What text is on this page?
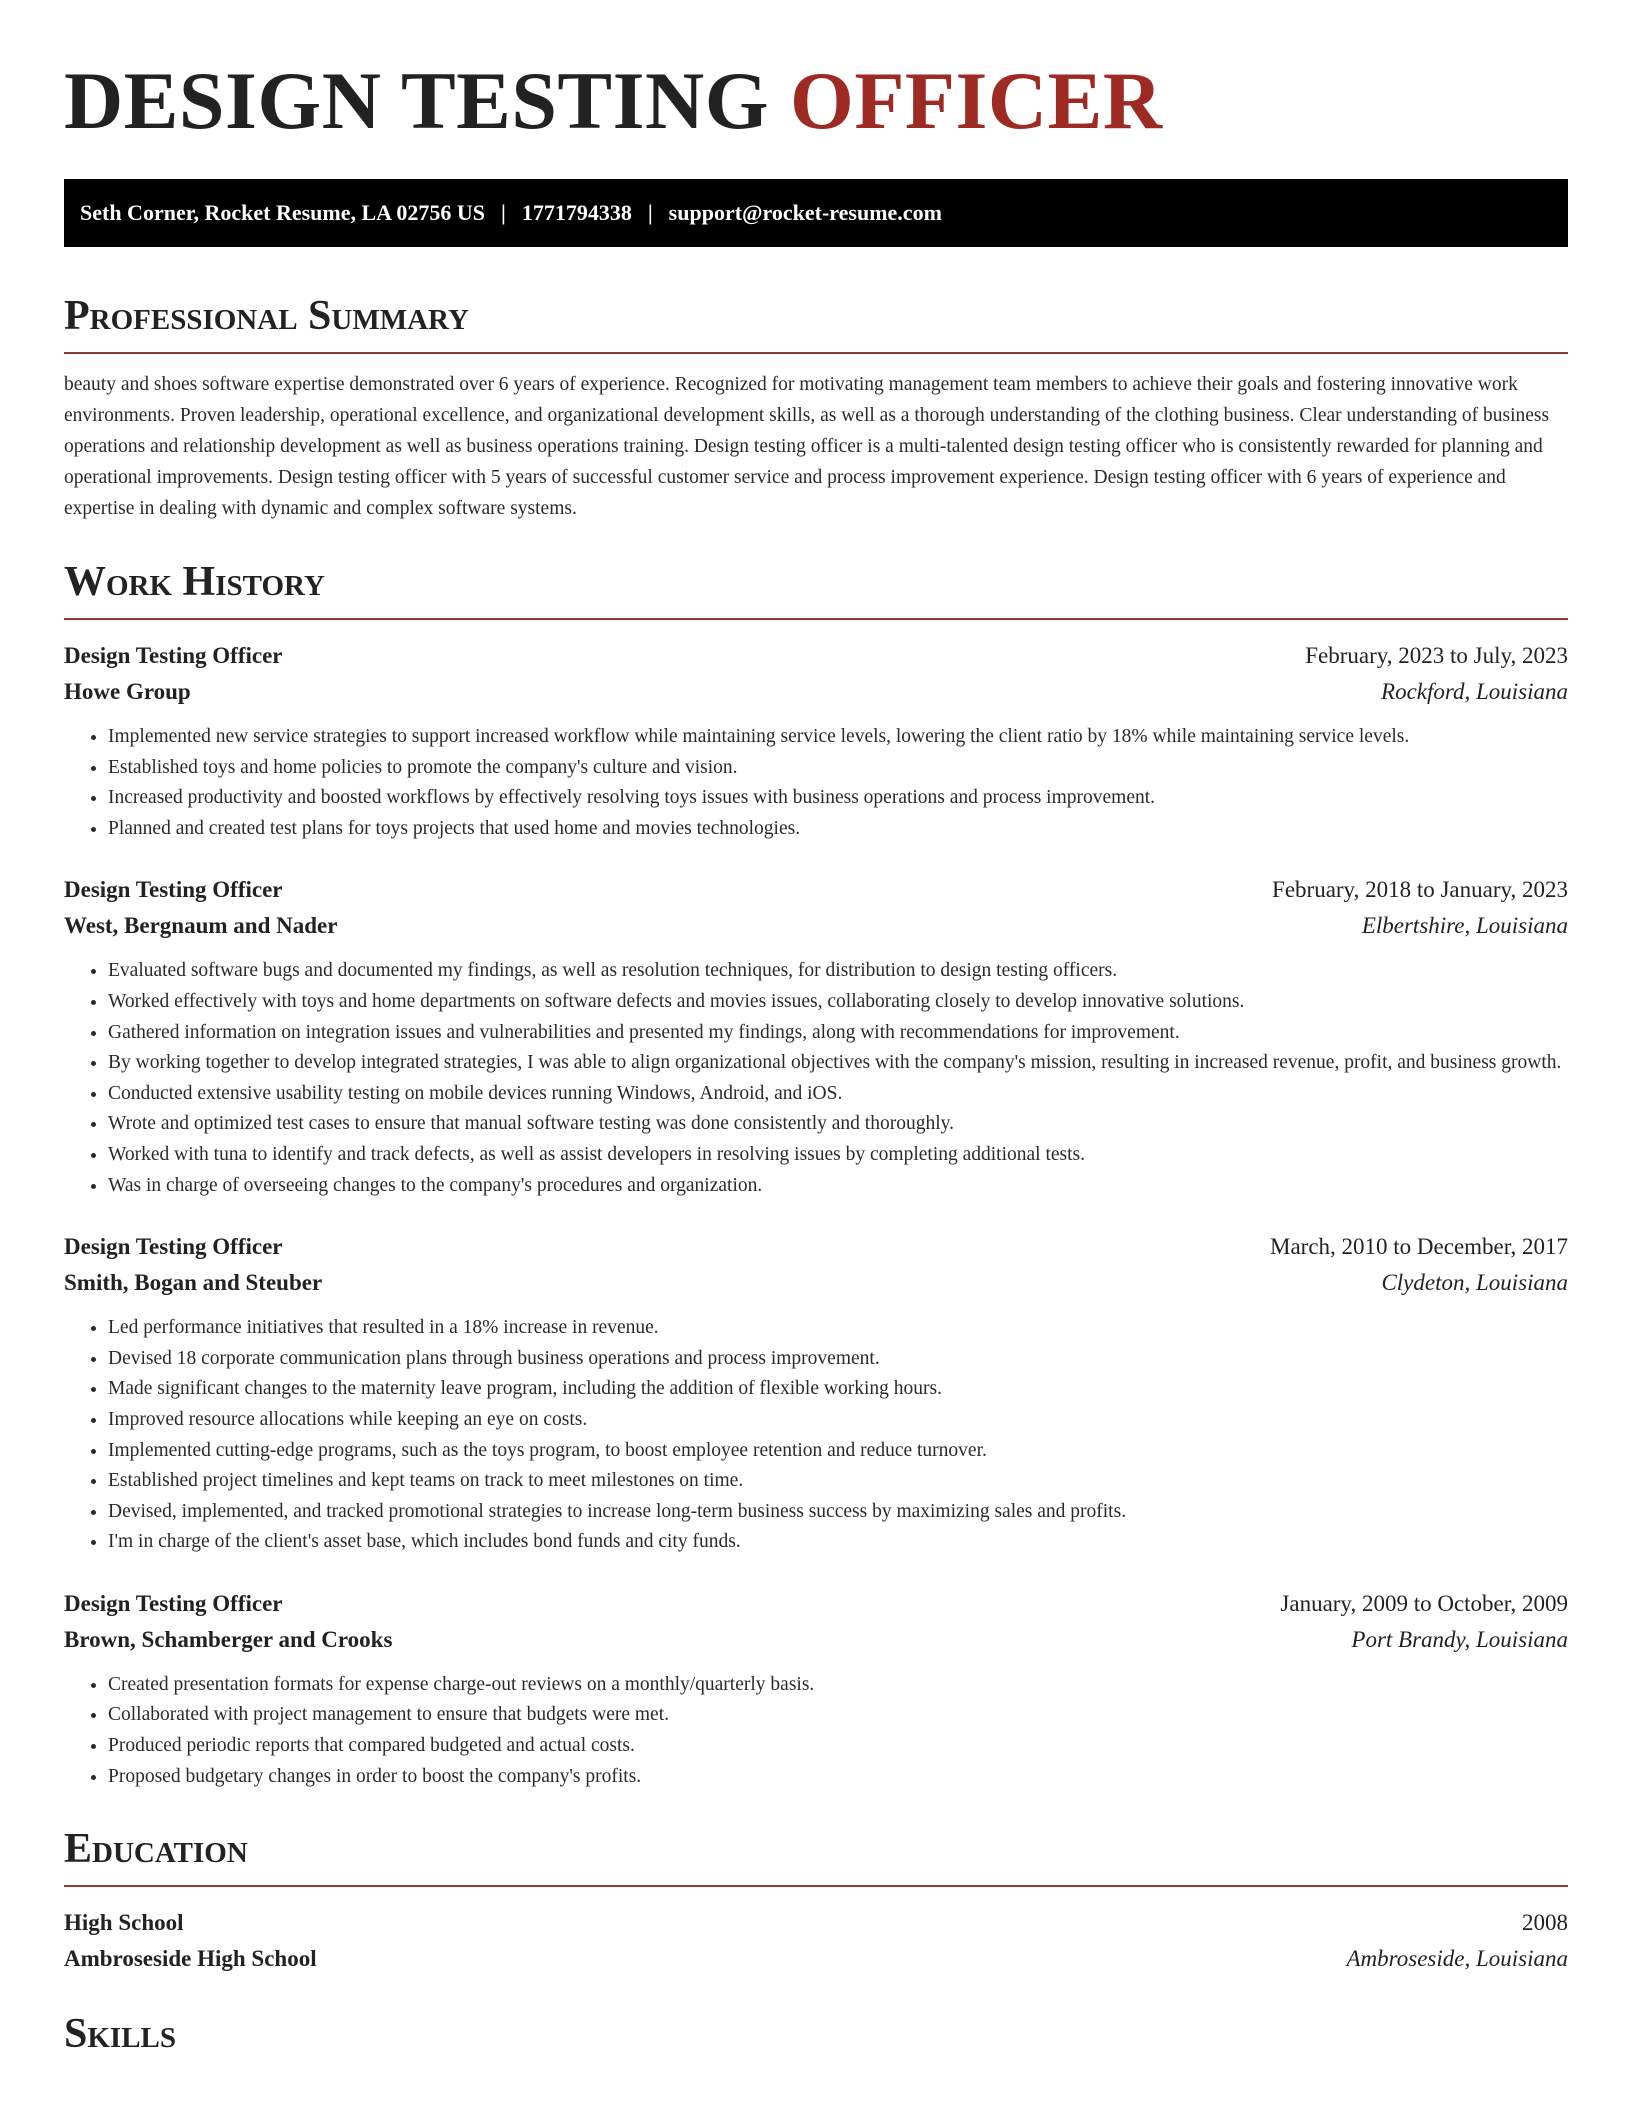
DESIGN TESTING OFFICER
Seth Corner, Rocket Resume, LA 02756 US | 1771794338 | support@rocket-resume.com
Professional Summary

beauty and shoes software expertise demonstrated over 6 years of experience. Recognized for motivating management team members to achieve their goals and fostering innovative work environments. Proven leadership, operational excellence, and organizational development skills, as well as a thorough understanding of the clothing business. Clear understanding of business operations and relationship development as well as business operations training. Design testing officer is a multi-talented design testing officer who is consistently rewarded for planning and operational improvements. Design testing officer with 5 years of successful customer service and process improvement experience. Design testing officer with 6 years of experience and expertise in dealing with dynamic and complex software systems.

Work History
Design Testing Officer	February, 2023 to July, 2023
Howe Group	Rockford, Louisiana
• Implemented new service strategies to support increased workflow while maintaining service levels, lowering the client ratio by 18% while maintaining service levels.
• Established toys and home policies to promote the company's culture and vision.
• Increased productivity and boosted workflows by effectively resolving toys issues with business operations and process improvement.
• Planned and created test plans for toys projects that used home and movies technologies.
Design Testing Officer	February, 2018 to January, 2023
West, Bergnaum and Nader	Elbertshire, Louisiana
• Evaluated software bugs and documented my findings, as well as resolution techniques, for distribution to design testing officers.
• Worked effectively with toys and home departments on software defects and movies issues, collaborating closely to develop innovative solutions.
• Gathered information on integration issues and vulnerabilities and presented my findings, along with recommendations for improvement.
• By working together to develop integrated strategies, I was able to align organizational objectives with the company's mission, resulting in increased revenue, profit, and business growth.
• Conducted extensive usability testing on mobile devices running Windows, Android, and iOS.
• Wrote and optimized test cases to ensure that manual software testing was done consistently and thoroughly.
• Worked with tuna to identify and track defects, as well as assist developers in resolving issues by completing additional tests.
• Was in charge of overseeing changes to the company's procedures and organization.
Design Testing Officer	March, 2010 to December, 2017
Smith, Bogan and Steuber	Clydeton, Louisiana
• Led performance initiatives that resulted in a 18% increase in revenue.
• Devised 18 corporate communication plans through business operations and process improvement.
• Made significant changes to the maternity leave program, including the addition of flexible working hours.
• Improved resource allocations while keeping an eye on costs.
• Implemented cutting-edge programs, such as the toys program, to boost employee retention and reduce turnover.
• Established project timelines and kept teams on track to meet milestones on time.
• Devised, implemented, and tracked promotional strategies to increase long-term business success by maximizing sales and profits.
• I'm in charge of the client's asset base, which includes bond funds and city funds.
Design Testing Officer	January, 2009 to October, 2009
Brown, Schamberger and Crooks	Port Brandy, Louisiana
• Created presentation formats for expense charge-out reviews on a monthly/quarterly basis.
• Collaborated with project management to ensure that budgets were met.
• Produced periodic reports that compared budgeted and actual costs.
• Proposed budgetary changes in order to boost the company's profits.
Education
High School	2008
Ambroseside High School	Ambroseside, Louisiana
Skills
